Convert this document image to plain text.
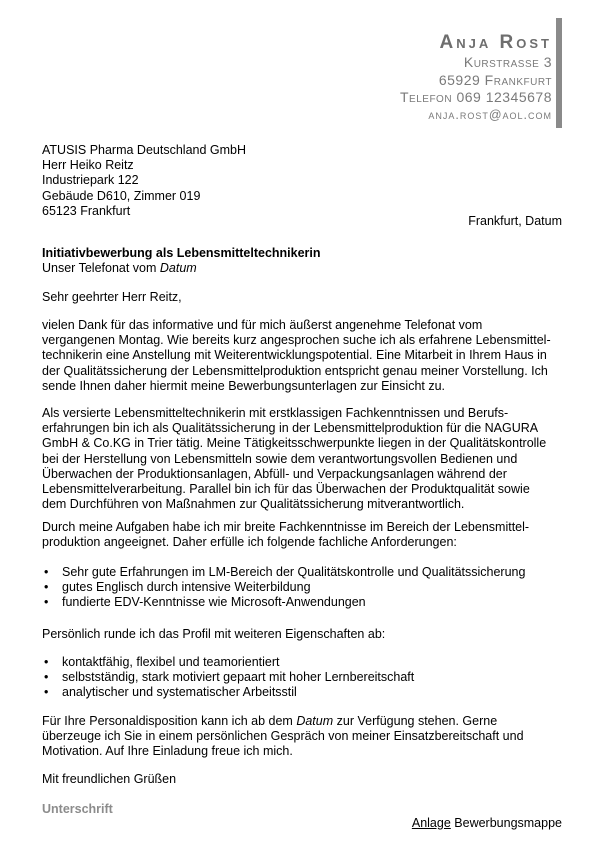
Anja Rost
Kurstrasse 3
65929 Frankfurt
Telefon 069 12345678
anja.rost@aol.com
ATUSIS Pharma Deutschland GmbH
Herr Heiko Reitz
Industriepark 122
Gebäude D610, Zimmer 019
65123 Frankfurt
Frankfurt, Datum
Initiativbewerbung als Lebensmitteltechnikerin
Unser Telefonat vom Datum
Sehr geehrter Herr Reitz,
vielen Dank für das informative und für mich äußerst angenehme Telefonat vom
vergangenen Montag. Wie bereits kurz angesprochen suche ich als erfahrene Lebensmittel-
technikerin eine Anstellung mit Weiterentwicklungspotential. Eine Mitarbeit in Ihrem Haus in
der Qualitätssicherung der Lebensmittelproduktion entspricht genau meiner Vorstellung. Ich
sende Ihnen daher hiermit meine Bewerbungsunterlagen zur Einsicht zu.
Als versierte Lebensmitteltechnikerin mit erstklassigen Fachkenntnissen und Berufs-
erfahrungen bin ich als Qualitätssicherung in der Lebensmittelproduktion für die NAGURA
GmbH & Co.KG in Trier tätig. Meine Tätigkeitsschwerpunkte liegen in der Qualitätskontrolle
bei der Herstellung von Lebensmitteln sowie dem verantwortungsvollen Bedienen und
Überwachen der Produktionsanlagen, Abfüll- und Verpackungsanlagen während der
Lebensmittelverarbeitung. Parallel bin ich für das Überwachen der Produktqualität sowie
dem Durchführen von Maßnahmen zur Qualitätssicherung mitverantwortlich.
Durch meine Aufgaben habe ich mir breite Fachkenntnisse im Bereich der Lebensmittel-
produktion angeeignet. Daher erfülle ich folgende fachliche Anforderungen:
• Sehr gute Erfahrungen im LM-Bereich der Qualitätskontrolle und Qualitätssicherung
• gutes Englisch durch intensive Weiterbildung
• fundierte EDV-Kenntnisse wie Microsoft-Anwendungen
Persönlich runde ich das Profil mit weiteren Eigenschaften ab:
• kontaktfähig, flexibel und teamorientiert
• selbstständig, stark motiviert gepaart mit hoher Lernbereitschaft
• analytischer und systematischer Arbeitsstil
Für Ihre Personaldisposition kann ich ab dem Datum zur Verfügung stehen. Gerne
überzeuge ich Sie in einem persönlichen Gespräch von meiner Einsatzbereitschaft und
Motivation. Auf Ihre Einladung freue ich mich.
Mit freundlichen Grüßen
Unterschrift
Anlage Bewerbungsmappe
